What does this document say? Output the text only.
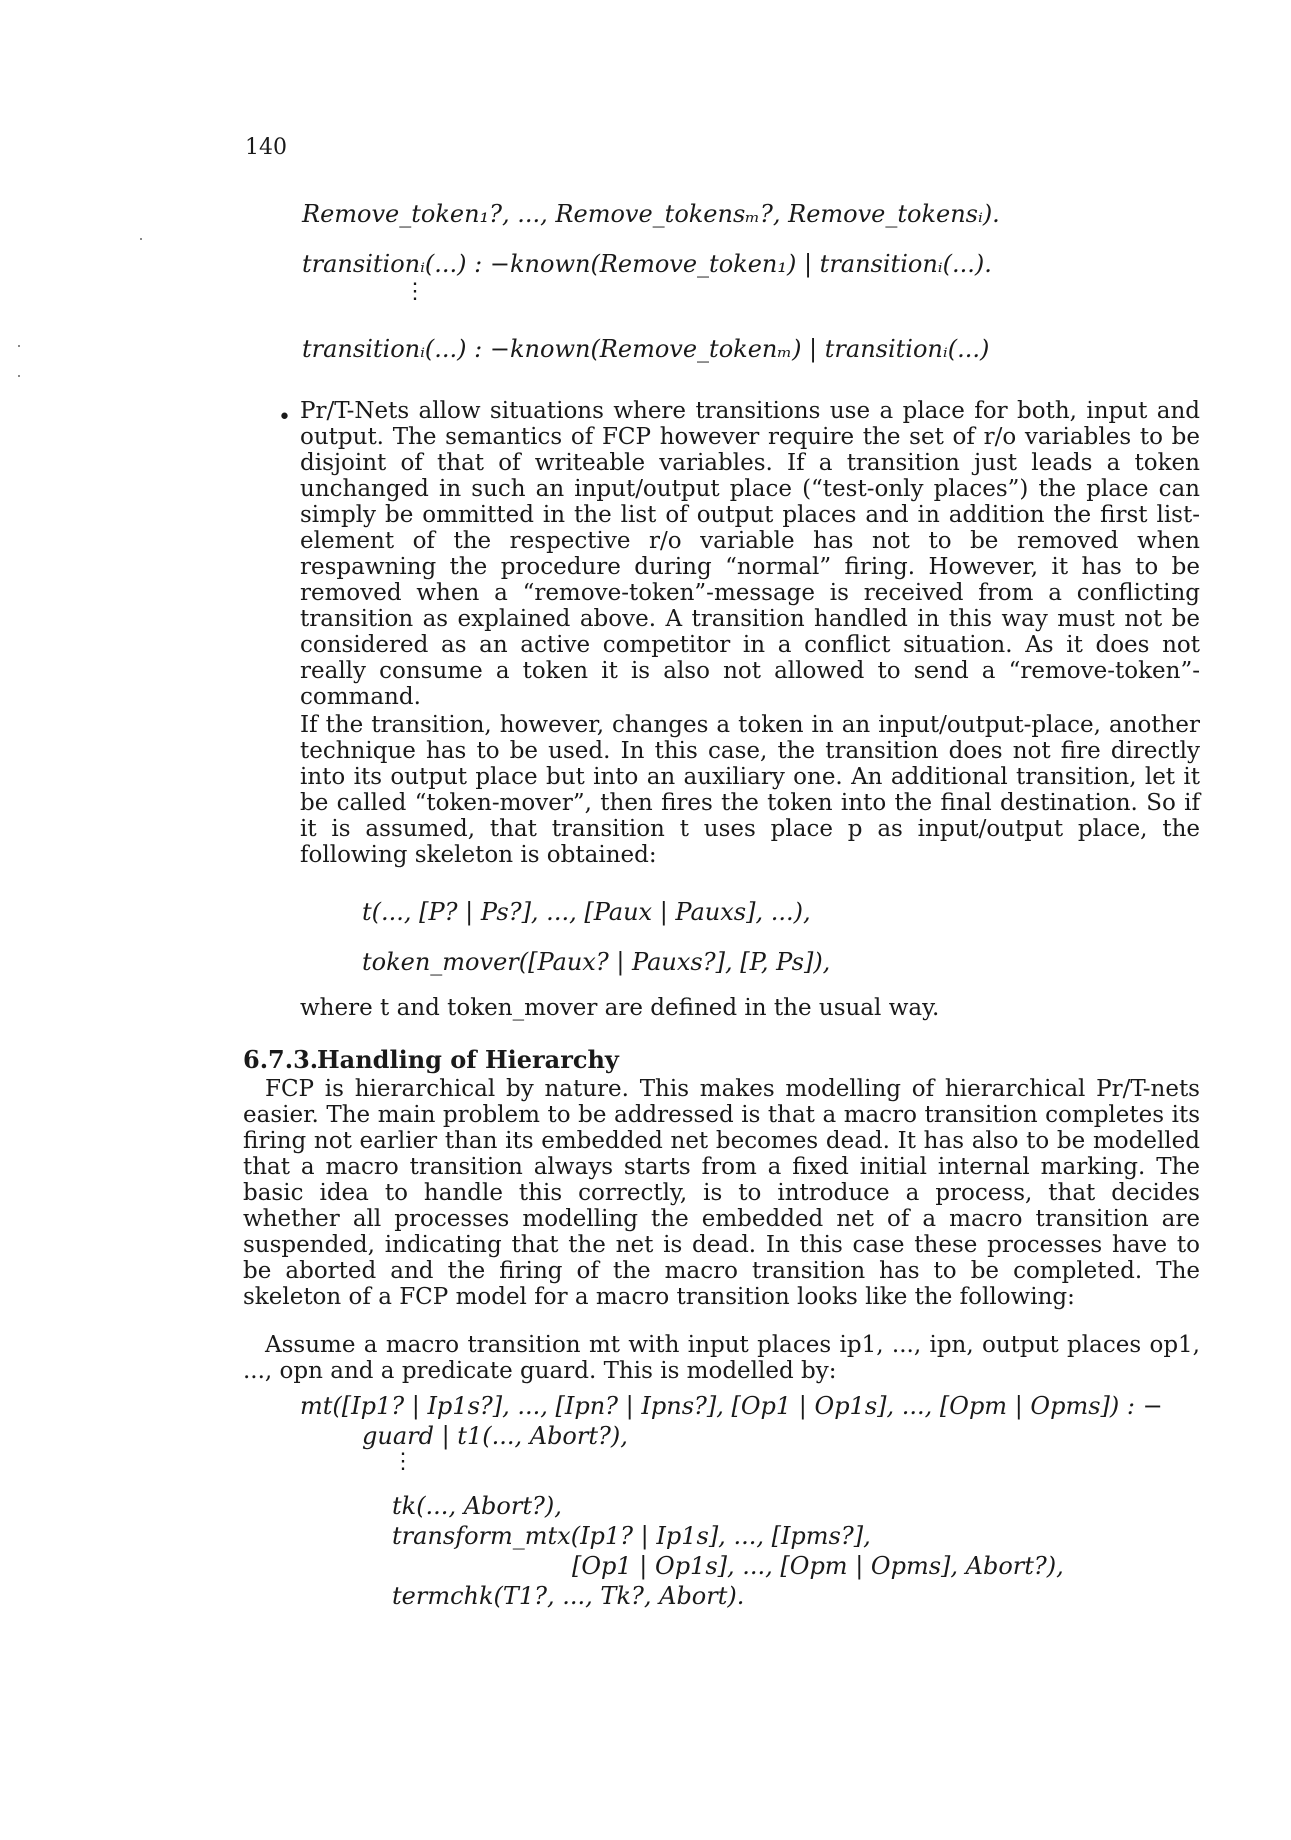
140
Remove_token₁?, ..., Remove_tokensₘ?, Remove_tokensᵢ).
transitionᵢ(...) : −known(Remove_token₁) | transitionᵢ(...).
⋮
transitionᵢ(...) : −known(Remove_tokenₘ) | transitionᵢ(...)
• Pr/T-Nets allow situations where transitions use a place for both, input and output. The semantics of FCP however require the set of r/o variables to be disjoint of that of writeable variables. If a transition just leads a token unchanged in such an input/output place (“test-only places”) the place can simply be ommitted in the list of output places and in addition the first list-element of the respective r/o variable has not to be removed when respawning the procedure during “normal” firing. However, it has to be removed when a “remove-token”-message is received from a conflicting transition as explained above. A transition handled in this way must not be considered as an active competitor in a conflict situation. As it does not really consume a token it is also not allowed to send a “remove-token”-command.
If the transition, however, changes a token in an input/output-place, another technique has to be used. In this case, the transition does not fire directly into its output place but into an auxiliary one. An additional transition, let it be called “token-mover”, then fires the token into the final destination. So if it is assumed, that transition t uses place p as input/output place, the following skeleton is obtained:
t(..., [P? | Ps?], ..., [Paux | Pauxs], ...),
token_mover([Paux? | Pauxs?], [P, Ps]),
where t and token_mover are defined in the usual way.
6.7.3.Handling of Hierarchy
FCP is hierarchical by nature. This makes modelling of hierarchical Pr/T-nets easier. The main problem to be addressed is that a macro transition completes its firing not earlier than its embedded net becomes dead. It has also to be modelled that a macro transition always starts from a fixed initial internal marking. The basic idea to handle this correctly, is to introduce a process, that decides whether all processes modelling the embedded net of a macro transition are suspended, indicating that the net is dead. In this case these processes have to be aborted and the firing of the macro transition has to be completed. The skeleton of a FCP model for a macro transition looks like the following:
Assume a macro transition mt with input places ip1, ..., ipn, output places op1, ..., opn and a predicate guard. This is modelled by:
mt([Ip1? | Ip1s?], ..., [Ipn? | Ipns?], [Op1 | Op1s], ..., [Opm | Opms]) : −
guard | t1(..., Abort?),
⋮
tk(..., Abort?),
transform_mtx(Ip1? | Ip1s], ..., [Ipms?],
[Op1 | Op1s], ..., [Opm | Opms], Abort?),
termchk(T1?, ..., Tk?, Abort).
